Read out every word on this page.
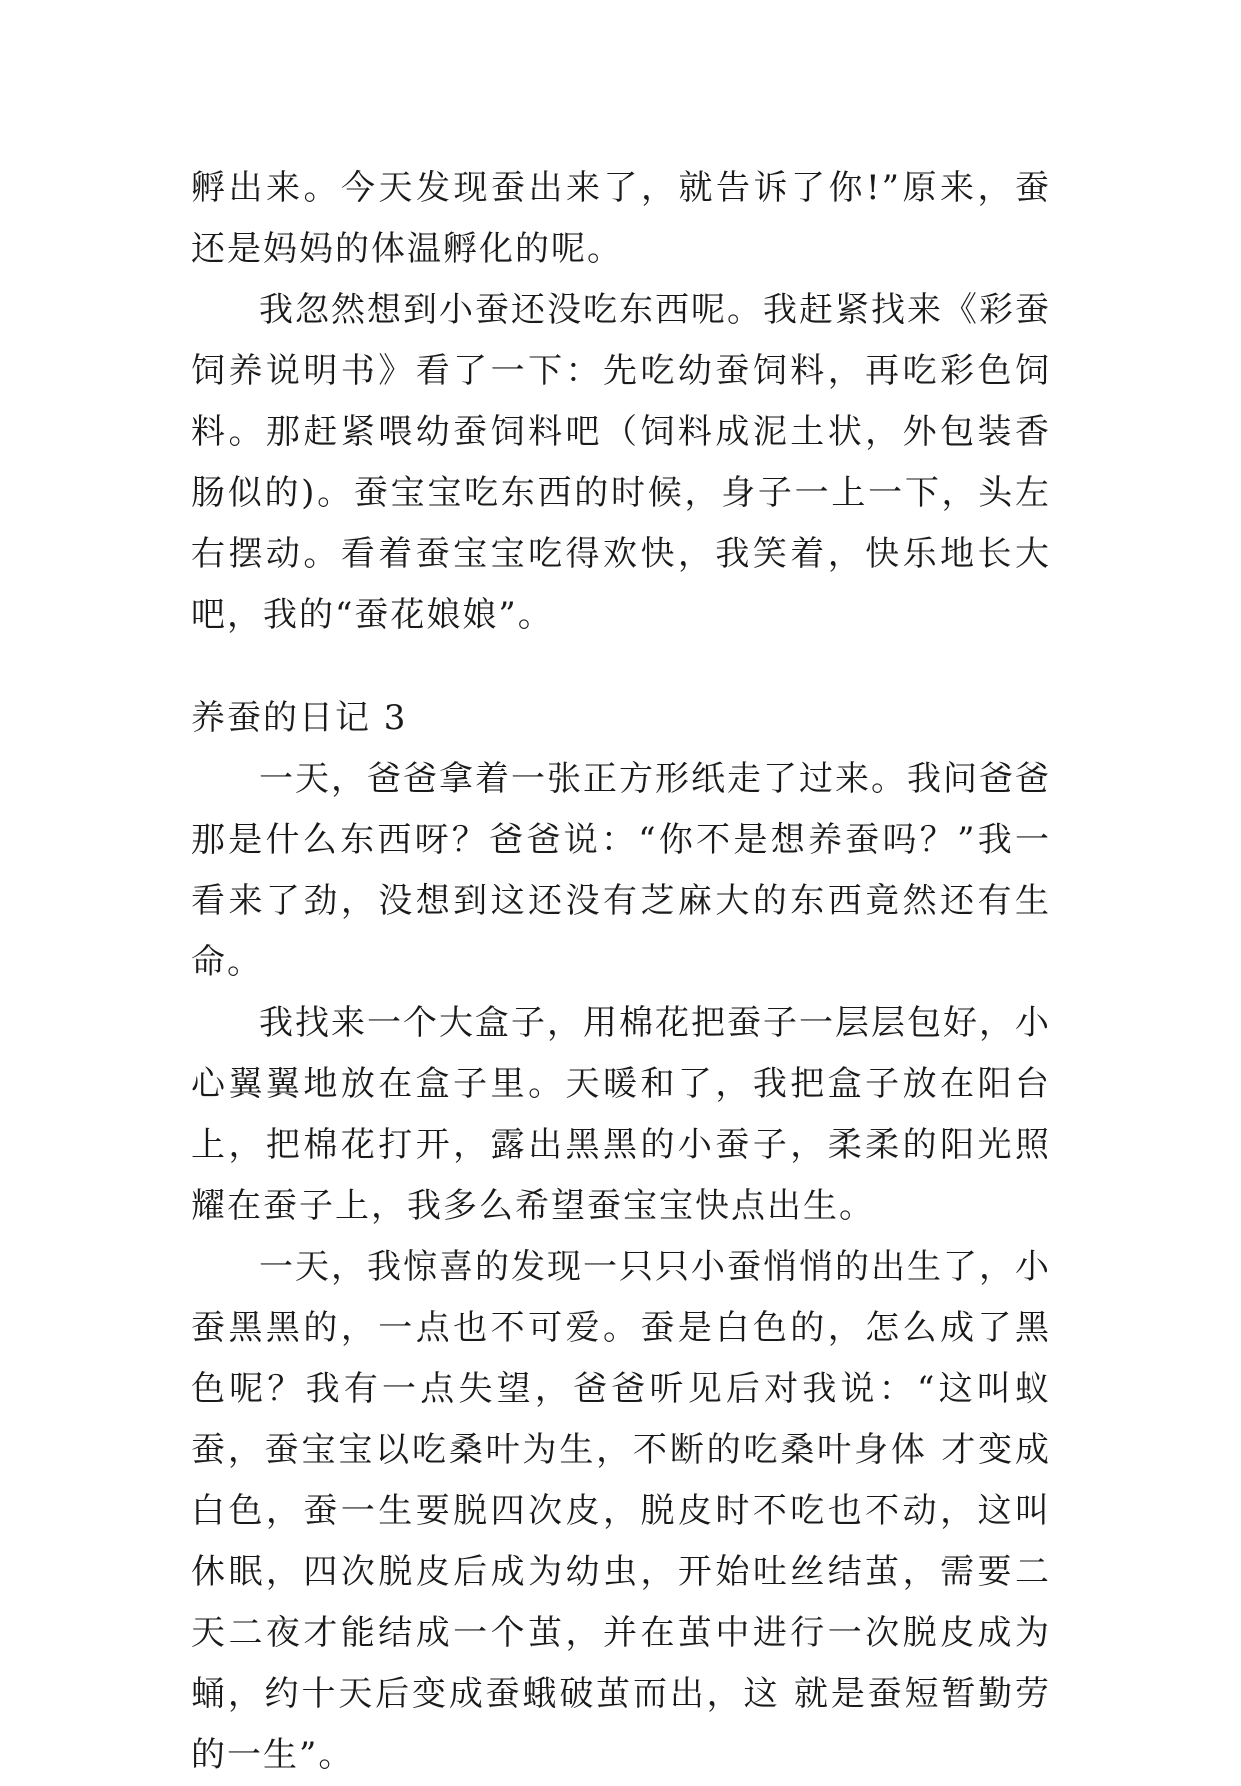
孵出来。今天发现蚕出来了，就告诉了你!”原来，蚕还是妈妈的体温孵化的呢。

我忽然想到小蚕还没吃东西呢。我赶紧找来《彩蚕饲养说明书》看了一下：先吃幼蚕饲料，再吃彩色饲料。那赶紧喂幼蚕饲料吧（饲料成泥土状，外包装香肠似的)。蚕宝宝吃东西的时候，身子一上一下，头左右摆动。看着蚕宝宝吃得欢快，我笑着，快乐地长大吧，我的“蚕花娘娘”。

养蚕的日记 3

一天，爸爸拿着一张正方形纸走了过来。我问爸爸那是什么东西呀？爸爸说：“你不是想养蚕吗？”我一看来了劲，没想到这还没有芝麻大的东西竟然还有生命。

我找来一个大盒子，用棉花把蚕子一层层包好，小心翼翼地放在盒子里。天暖和了，我把盒子放在阳台上，把棉花打开，露出黑黑的小蚕子，柔柔的阳光照耀在蚕子上，我多么希望蚕宝宝快点出生。

一天，我惊喜的发现一只只小蚕悄悄的出生了，小蚕黑黑的，一点也不可爱。蚕是白色的，怎么成了黑色呢？我有一点失望，爸爸听见后对我说：“这叫蚁蚕，蚕宝宝以吃桑叶为生，不断的吃桑叶身体 才变成白色，蚕一生要脱四次皮，脱皮时不吃也不动，这叫休眠，四次脱皮后成为幼虫，开始吐丝结茧，需要二天二夜才能结成一个茧，并在茧中进行一次脱皮成为蛹，约十天后变成蚕蛾破茧而出，这 就是蚕短暂勤劳的一生”。
